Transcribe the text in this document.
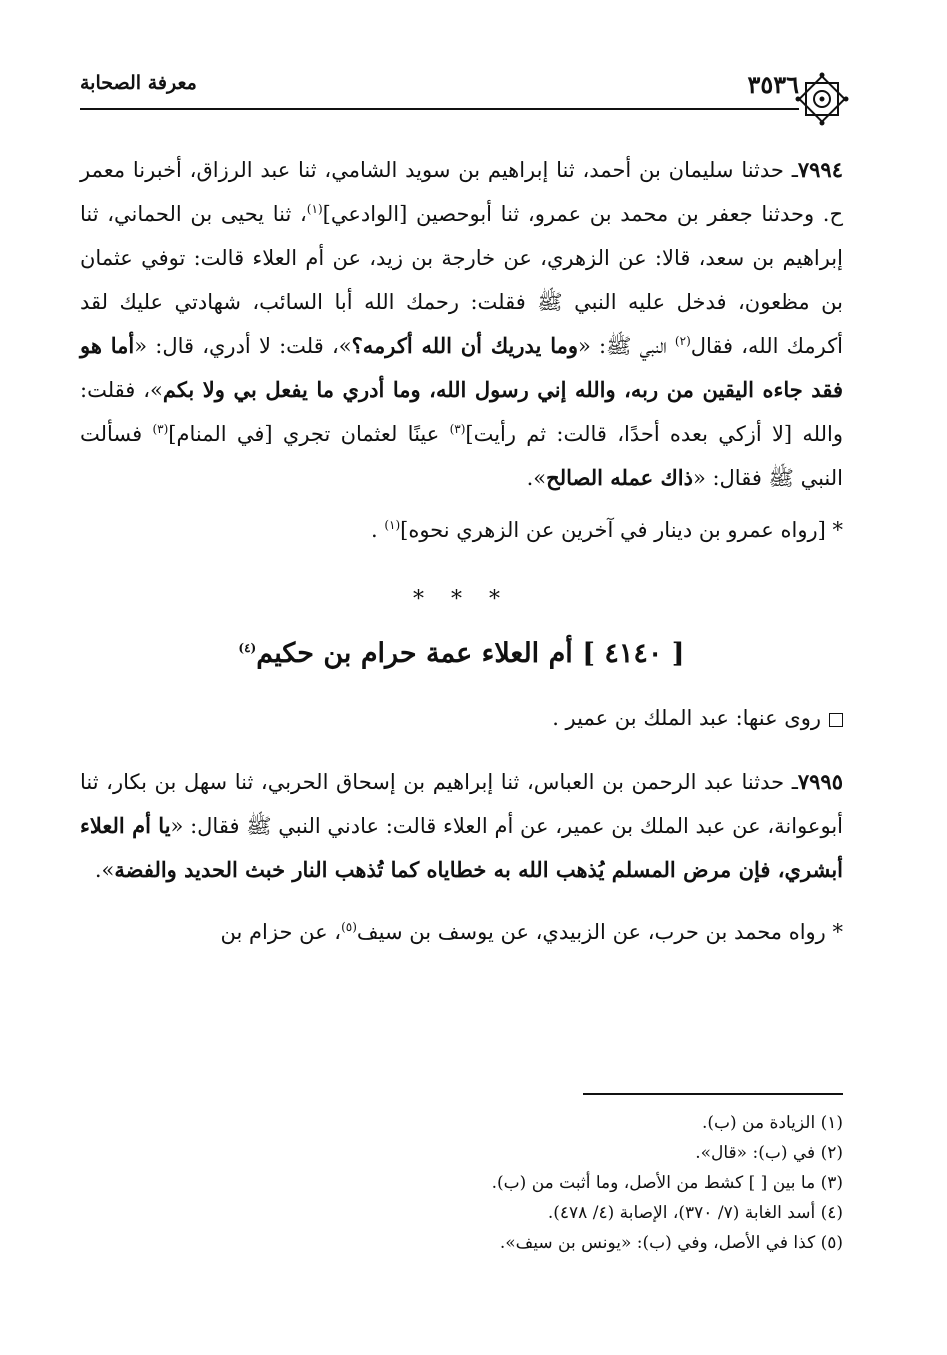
٣٥٣٦
معرفة الصحابة

٧٩٩٤ـ حدثنا سليمان بن أحمد، ثنا إبراهيم بن سويد الشامي، ثنا عبد الرزاق، أخبرنا معمر ح. وحدثنا جعفر بن محمد بن عمرو، ثنا أبوحصين [الوادعي]$^{(١)}$، ثنا يحيى بن الحماني، ثنا إبراهيم بن سعد، قالا: عن الزهري، عن خارجة بن زيد، عن أم العلاء قالت: توفي عثمان بن مظعون، فدخل عليه النبي ﷺ فقلت: رحمك الله أبا السائب، شهادتي عليك لقد أكرمك الله، فقال$^{(٢)}$ النبي ﷺ: «وما يدريك أن الله أكرمه؟»، قلت: لا أدري، قال: «أما هو فقد جاءه اليقين من ربه، والله إني رسول الله، وما أدري ما يفعل بي ولا بكم»، فقلت: والله [لا أزكي بعده أحدًا، قالت: ثم رأيت]$^{(٣)}$ عينًا لعثمان تجري [في المنام]$^{(٣)}$ فسألت النبي ﷺ فقال: «ذاك عمله الصالح».

* [رواه عمرو بن دينار في آخرين عن الزهري نحوه]$^{(١)}$ .

* * *
[ ٤١٤٠ ] أم العلاء عمة حرام بن حكيم$^{(٤)}$

روى عنها: عبد الملك بن عمير .

٧٩٩٥ـ حدثنا عبد الرحمن بن العباس، ثنا إبراهيم بن إسحاق الحربي، ثنا سهل بن بكار، ثنا أبوعوانة، عن عبد الملك بن عمير، عن أم العلاء قالت: عادني النبي ﷺ فقال: «يا أم العلاء أبشري، فإن مرض المسلم يُذهب الله به خطاياه كما تُذهب النار خبث الحديد والفضة».

* رواه محمد بن حرب، عن الزبيدي، عن يوسف بن سيف$^{(٥)}$، عن حزام بن

(١) الزيادة من (ب).

(٢) في (ب): «قال».

(٣) ما بين [ ] كشط من الأصل، وما أثبت من (ب).

(٤) أسد الغابة (٧/ ٣٧٠)، الإصابة (٤/ ٤٧٨).

(٥) كذا في الأصل، وفي (ب): «يونس بن سيف».
